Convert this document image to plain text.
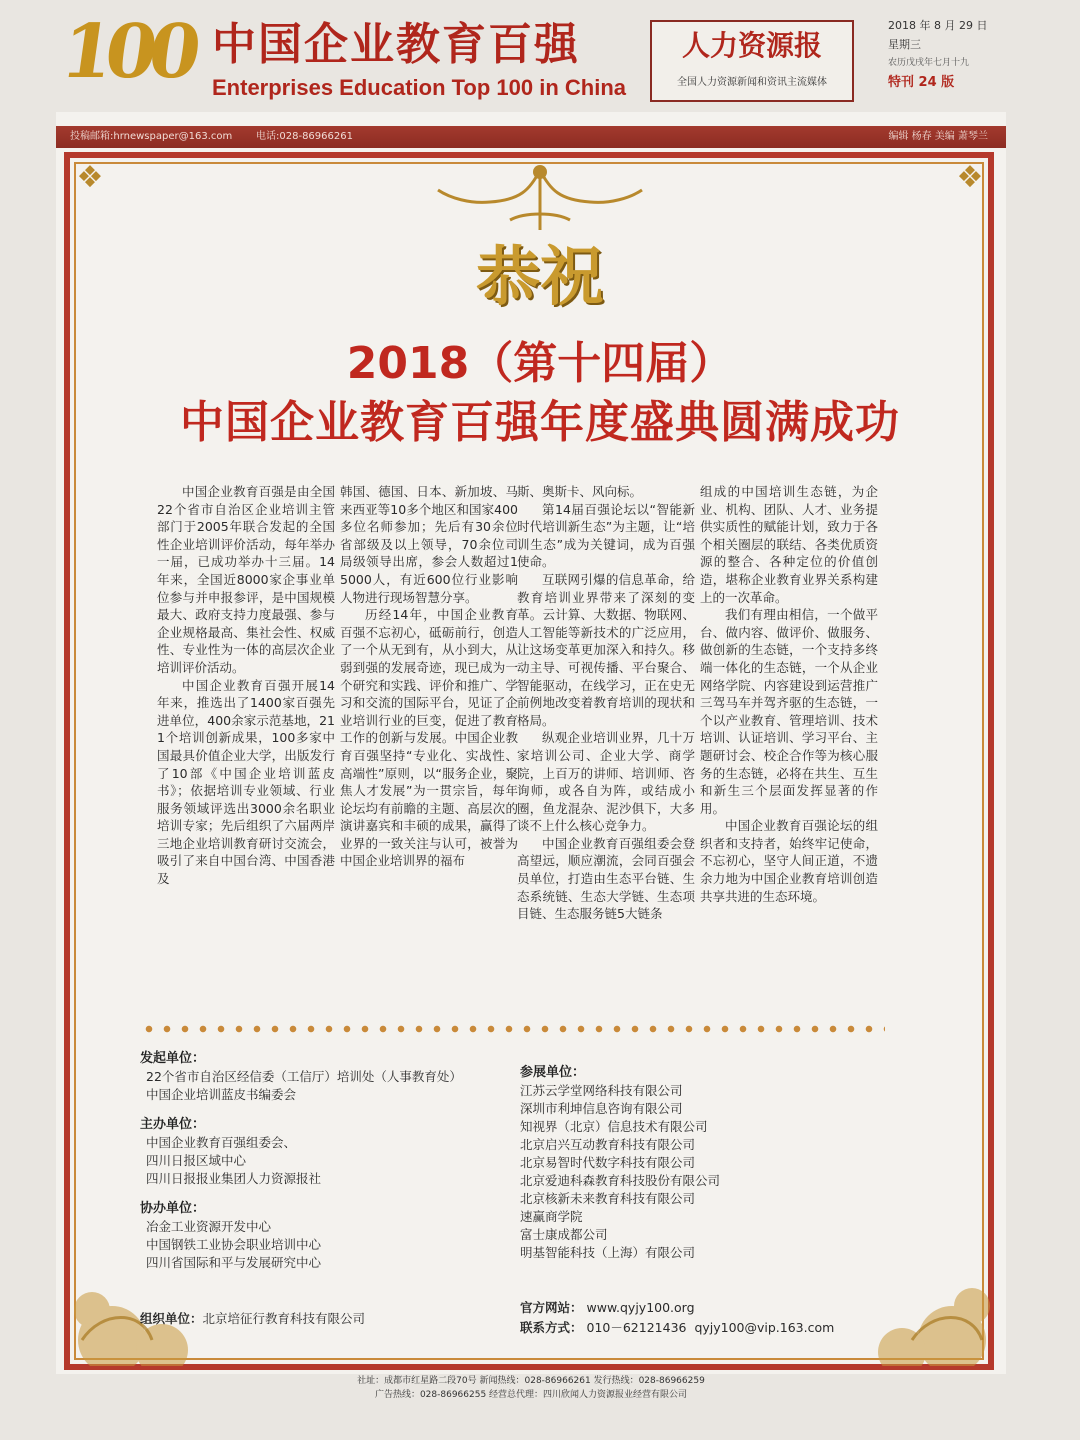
100 中国企业教育百强
Enterprises Education Top 100 in China
人力资源报
全国人力资源新闻和资讯主流媒体
2018 年 8 月 29 日
星期三
农历戊戌年七月十九
特刊 24 版
投稿邮箱:hrnewspaper@163.com 电话:028-86966261	编辑 杨春 美编 萧琴兰
❖	❖
恭祝
2018（第十四届）
中国企业教育百强年度盛典圆满成功

中国企业教育百强是由全国22个省市自治区企业培训主管部门于2005年联合发起的全国性企业培训评价活动，每年举办一届，已成功举办十三届。14年来，全国近8000家企事业单位参与并申报参评，是中国规模最大、政府支持力度最强、参与企业规格最高、集社会性、权威性、专业性为一体的高层次企业培训评价活动。

中国企业教育百强开展14年来，推选出了1400家百强先进单位，400余家示范基地，211个培训创新成果，100多家中国最具价值企业大学，出版发行了10部《中国企业培训蓝皮书》；依据培训专业领域、行业服务领域评选出3000余名职业培训专家；先后组织了六届两岸三地企业培训教育研讨交流会，吸引了来自中国台湾、中国香港及

韩国、德国、日本、新加坡、马来西亚等10多个地区和国家400多位名师参加；先后有30余位省部级及以上领导，70余位司局级领导出席，参会人数超过15000人，有近600位行业影响人物进行现场智慧分享。

历经14年，中国企业教育百强不忘初心，砥砺前行，创造了一个从无到有，从小到大，从弱到强的发展奇迹，现已成为一个研究和实践、评价和推广、学习和交流的国际平台，见证了企业培训行业的巨变，促进了教育工作的创新与发展。中国企业教育百强坚持“专业化、实战性、高端性”原则，以“服务企业，聚焦人才发展”为一贯宗旨，每年论坛均有前瞻的主题、高层次的演讲嘉宾和丰硕的成果，赢得了业界的一致关注与认可，被誉为中国企业培训界的福布

斯、奥斯卡、风向标。

第14届百强论坛以“智能新时代培训新生态”为主题，让“培训生态”成为关键词，成为百强使命。

互联网引爆的信息革命，给教育培训业界带来了深刻的变革。云计算、大数据、物联网、人工智能等新技术的广泛应用，让这场变革更加深入和持久。移动主导、可视传播、平台聚合、智能驱动，在线学习，正在史无前例地改变着教育培训的现状和格局。

纵观企业培训业界，几十万家培训公司、企业大学、商学院，上百万的讲师、培训师、咨询师，或各自为阵，或结成小圈，鱼龙混杂、泥沙俱下，大多谈不上什么核心竞争力。

中国企业教育百强组委会登高望远，顺应潮流，会同百强会员单位，打造由生态平台链、生态系统链、生态大学链、生态项目链、生态服务链5大链条

组成的中国培训生态链，为企业、机构、团队、人才、业务提供实质性的赋能计划，致力于各个相关圈层的联结、各类优质资源的整合、各种定位的价值创造，堪称企业教育业界关系构建上的一次革命。

我们有理由相信，一个做平台、做内容、做评价、做服务、做创新的生态链，一个支持多终端一体化的生态链，一个从企业网络学院、内容建设到运营推广三驾马车并驾齐驱的生态链，一个以产业教育、管理培训、技术培训、认证培训、学习平台、主题研讨会、校企合作等为核心服务的生态链，必将在共生、互生和新生三个层面发挥显著的作用。

中国企业教育百强论坛的组织者和支持者，始终牢记使命，不忘初心，坚守人间正道，不遗余力地为中国企业教育培训创造共享共进的生态环境。

发起单位：
22个省市自治区经信委（工信厅）培训处（人事教育处）
中国企业培训蓝皮书编委会
主办单位：
中国企业教育百强组委会、
四川日报区域中心
四川日报报业集团人力资源报社
协办单位：
冶金工业资源开发中心
中国钢铁工业协会职业培训中心
四川省国际和平与发展研究中心
组织单位：北京培征行教育科技有限公司
参展单位：
江苏云学堂网络科技有限公司
深圳市利坤信息咨询有限公司
知视界（北京）信息技术有限公司
北京启兴互动教育科技有限公司
北京易智时代数字科技有限公司
北京爱迪科森教育科技股份有限公司
北京核新未来教育科技有限公司
速赢商学院
富士康成都公司
明基智能科技（上海）有限公司
官方网站： www.qyjy100.org
联系方式： 010－62121436 qyjy100@vip.163.com
社址：成都市红星路二段70号 新闻热线：028-86966261 发行热线：028-86966259
广告热线：028-86966255 经营总代理：四川欣闻人力资源报业经营有限公司
